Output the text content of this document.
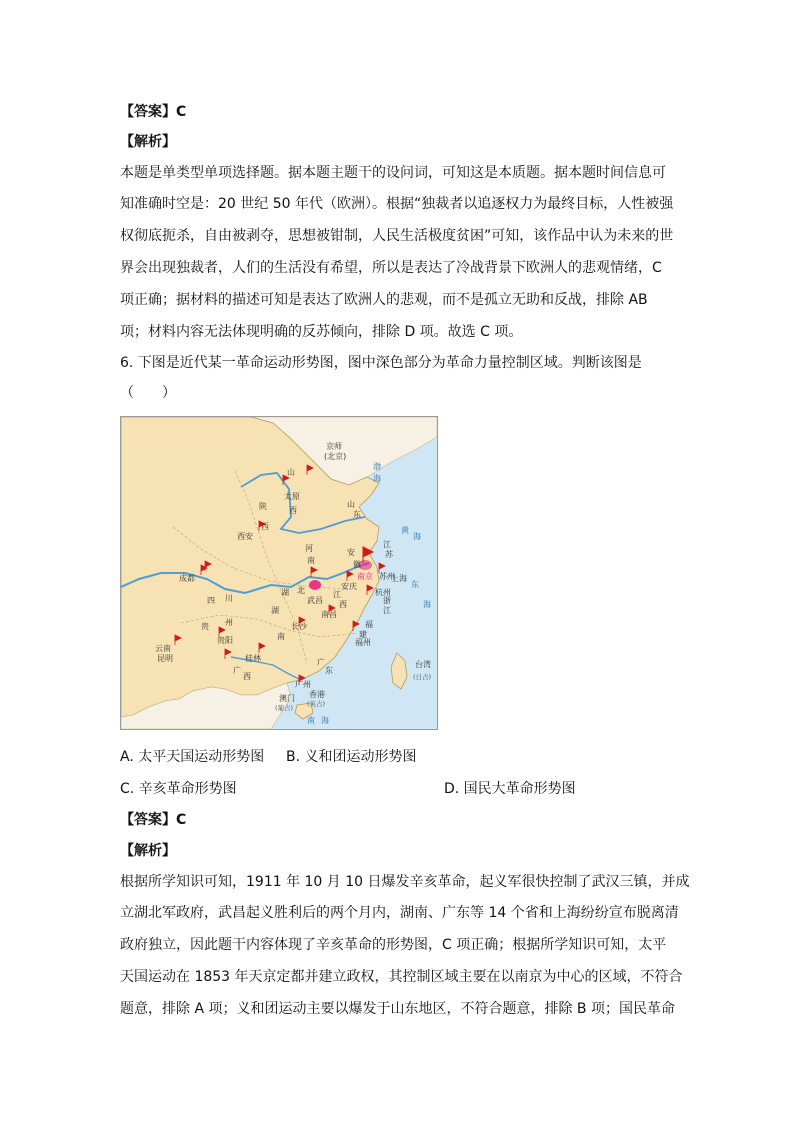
【答案】C
【解析】
本题是单类型单项选择题。据本题主题干的设问词，可知这是本质题。据本题时间信息可
知准确时空是：20 世纪 50 年代（欧洲）。根据“独裁者以追逐权力为最终目标，人性被强
权彻底扼杀，自由被剥夺，思想被钳制，人民生活极度贫困”可知，该作品中认为未来的世
界会出现独裁者，人们的生活没有希望，所以是表达了冷战背景下欧洲人的悲观情绪，C
项正确；据材料的描述可知是表达了欧洲人的悲观，而不是孤立无助和反战，排除 AB
项；材料内容无法体现明确的反苏倾向，排除 D 项。故选 C 项。
6. 下图是近代某一革命运动形势图，图中深色部分为革命力量控制区域。判断该图是
（　　）
京师
(北京)
太原
西安
成都
武昌
南京 苏州
上海
杭州
安庆
南昌
长沙
贵阳	福州
桂林
昆明
广州
香港
澳门
台湾
山
西
陕
西
四 川
湖 北
湖
南
贵 州
云南
广
西
广
东
福
建
江
西
安
徽
江
苏
浙
江
河
南
山
东
渤
海
黄
海
东
海
南 海
(英占)
(葡占)
(日占)
A. 太平天国运动形势图 B. 义和团运动形势图
C. 辛亥革命形势图	D. 国民大革命形势图
【答案】C
【解析】
根据所学知识可知，1911 年 10 月 10 日爆发辛亥革命，起义军很快控制了武汉三镇，并成
立湖北军政府，武昌起义胜利后的两个月内，湖南、广东等 14 个省和上海纷纷宣布脱离清
政府独立，因此题干内容体现了辛亥革命的形势图，C 项正确；根据所学知识可知，太平
天国运动在 1853 年天京定都并建立政权，其控制区域主要在以南京为中心的区域，不符合
题意，排除 A 项；义和团运动主要以爆发于山东地区，不符合题意，排除 B 项；国民革命
